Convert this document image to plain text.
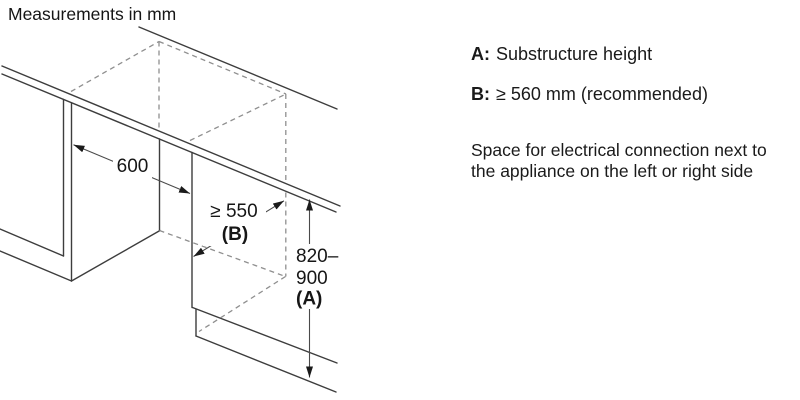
Measurements in mm
600
≥ 550
(B)
820–
900
(A)
A: Substructure height
B: ≥ 560 mm (recommended)
Space for electrical connection next to the appliance on the left or right side
